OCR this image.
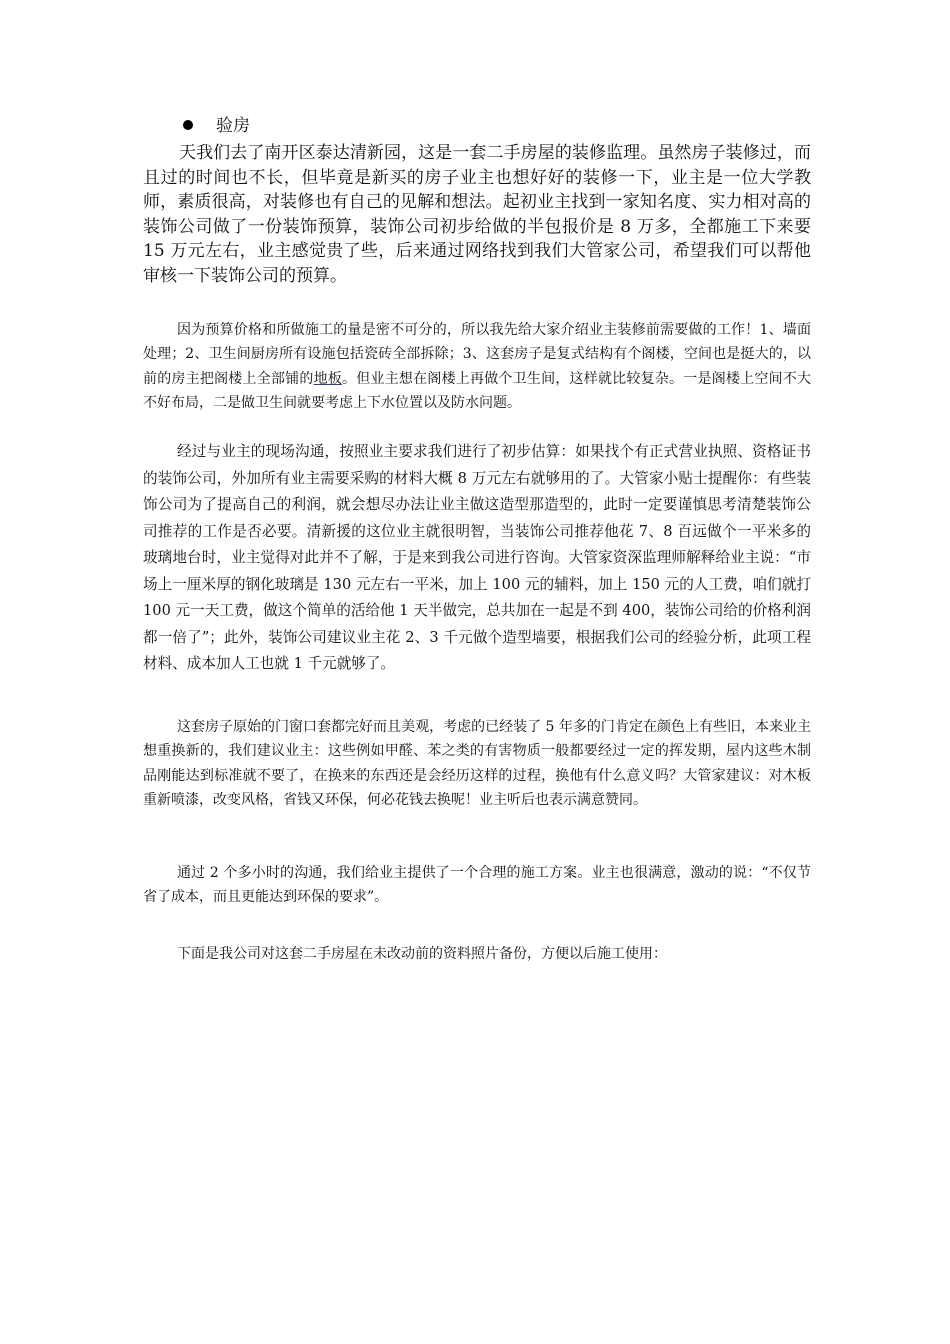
验房

天我们去了南开区泰达清新园，这是一套二手房屋的装修监理。虽然房子装修过，而且过的时间也不长，但毕竟是新买的房子业主也想好好的装修一下，业主是一位大学教师，素质很高，对装修也有自己的见解和想法。起初业主找到一家知名度、实力相对高的装饰公司做了一份装饰预算，装饰公司初步给做的半包报价是 8 万多，全都施工下来要 15 万元左右，业主感觉贵了些，后来通过网络找到我们大管家公司，希望我们可以帮他审核一下装饰公司的预算。

因为预算价格和所做施工的量是密不可分的，所以我先给大家介绍业主装修前需要做的工作！1、墙面处理；2、卫生间厨房所有设施包括瓷砖全部拆除；3、这套房子是复式结构有个阁楼，空间也是挺大的，以前的房主把阁楼上全部铺的地板。但业主想在阁楼上再做个卫生间，这样就比较复杂。一是阁楼上空间不大不好布局，二是做卫生间就要考虑上下水位置以及防水问题。

经过与业主的现场沟通，按照业主要求我们进行了初步估算：如果找个有正式营业执照、资格证书的装饰公司，外加所有业主需要采购的材料大概 8 万元左右就够用的了。大管家小贴士提醒你：有些装饰公司为了提高自己的利润，就会想尽办法让业主做这造型那造型的，此时一定要谨慎思考清楚装饰公司推荐的工作是否必要。清新援的这位业主就很明智，当装饰公司推荐他花 7、8 百远做个一平米多的玻璃地台时，业主觉得对此并不了解，于是来到我公司进行咨询。大管家资深监理师解释给业主说：“市场上一厘米厚的钢化玻璃是 130 元左右一平米，加上 100 元的辅料，加上 150 元的人工费，咱们就打 100 元一天工费，做这个简单的活给他 1 天半做完，总共加在一起是不到 400，装饰公司给的价格利润都一倍了”；此外，装饰公司建议业主花 2、3 千元做个造型墙要，根据我们公司的经验分析，此项工程材料、成本加人工也就 1 千元就够了。

这套房子原始的门窗口套都完好而且美观，考虑的已经装了 5 年多的门肯定在颜色上有些旧，本来业主想重换新的，我们建议业主：这些例如甲醛、苯之类的有害物质一般都要经过一定的挥发期，屋内这些木制品刚能达到标准就不要了，在换来的东西还是会经历这样的过程，换他有什么意义吗？大管家建议：对木板重新喷漆，改变风格，省钱又环保，何必花钱去换呢！业主听后也表示满意赞同。

通过 2 个多小时的沟通，我们给业主提供了一个合理的施工方案。业主也很满意，激动的说：“不仅节省了成本，而且更能达到环保的要求”。

下面是我公司对这套二手房屋在未改动前的资料照片备份，方便以后施工使用：
